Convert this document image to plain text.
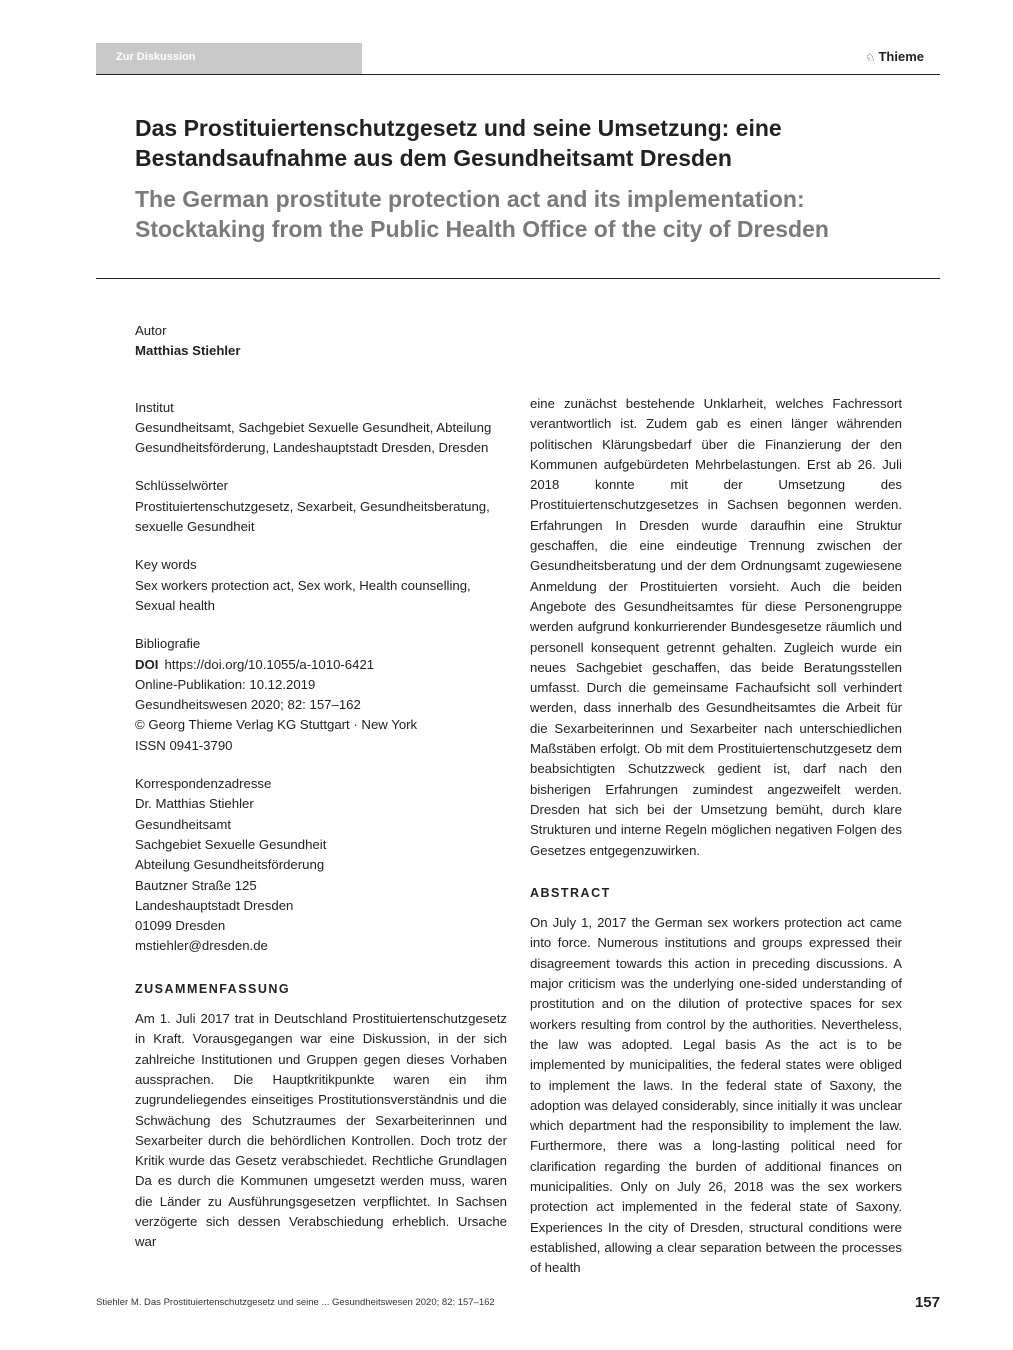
Zur Diskussion	♘ Thieme
Das Prostituiertenschutzgesetz und seine Umsetzung: eine Bestandsaufnahme aus dem Gesundheitsamt Dresden
The German prostitute protection act and its implementation: Stocktaking from the Public Health Office of the city of Dresden
Autor
Matthias Stiehler
Institut
Gesundheitsamt, Sachgebiet Sexuelle Gesundheit, Abteilung Gesundheitsförderung, Landeshauptstadt Dresden, Dresden
Schlüsselwörter
Prostituiertenschutzgesetz, Sexarbeit, Gesundheitsberatung, sexuelle Gesundheit
Key words
Sex workers protection act, Sex work, Health counselling, Sexual health
Bibliografie
DOI https://doi.org/10.1055/a-1010-6421
Online-Publikation: 10.12.2019
Gesundheitswesen 2020; 82: 157–162
© Georg Thieme Verlag KG Stuttgart · New York
ISSN 0941-3790
Korrespondenzadresse
Dr. Matthias Stiehler
Gesundheitsamt
Sachgebiet Sexuelle Gesundheit
Abteilung Gesundheitsförderung
Bautzner Straße 125
Landeshauptstadt Dresden
01099 Dresden
mstiehler@dresden.de
ZUSAMMENFASSUNG

Am 1. Juli 2017 trat in Deutschland Prostituiertenschutzgesetz in Kraft. Vorausgegangen war eine Diskussion, in der sich zahlreiche Institutionen und Gruppen gegen dieses Vorhaben aussprachen. Die Hauptkritikpunkte waren ein ihm zugrundeliegendes einseitiges Prostitutionsverständnis und die Schwächung des Schutzraumes der Sexarbeiterinnen und Sexarbeiter durch die behördlichen Kontrollen. Doch trotz der Kritik wurde das Gesetz verabschiedet. Rechtliche Grundlagen Da es durch die Kommunen umgesetzt werden muss, waren die Länder zu Ausführungsgesetzen verpflichtet. In Sachsen verzögerte sich dessen Verabschiedung erheblich. Ursache war

eine zunächst bestehende Unklarheit, welches Fachressort verantwortlich ist. Zudem gab es einen länger währenden politischen Klärungsbedarf über die Finanzierung der den Kommunen aufgebürdeten Mehrbelastungen. Erst ab 26. Juli 2018 konnte mit der Umsetzung des Prostituiertenschutzgesetzes in Sachsen begonnen werden. Erfahrungen In Dresden wurde daraufhin eine Struktur geschaffen, die eine eindeutige Trennung zwischen der Gesundheitsberatung und der dem Ordnungsamt zugewiesene Anmeldung der Prostituierten vorsieht. Auch die beiden Angebote des Gesundheitsamtes für diese Personengruppe werden aufgrund konkurrierender Bundesgesetze räumlich und personell konsequent getrennt gehalten. Zugleich wurde ein neues Sachgebiet geschaffen, das beide Beratungsstellen umfasst. Durch die gemeinsame Fachaufsicht soll verhindert werden, dass innerhalb des Gesundheitsamtes die Arbeit für die Sexarbeiterinnen und Sexarbeiter nach unterschiedlichen Maßstäben erfolgt. Ob mit dem Prostituiertenschutzgesetz dem beabsichtigten Schutzzweck gedient ist, darf nach den bisherigen Erfahrungen zumindest angezweifelt werden. Dresden hat sich bei der Umsetzung bemüht, durch klare Strukturen und interne Regeln möglichen negativen Folgen des Gesetzes entgegenzuwirken.

ABSTRACT

On July 1, 2017 the German sex workers protection act came into force. Numerous institutions and groups expressed their disagreement towards this action in preceding discussions. A major criticism was the underlying one-sided understanding of prostitution and on the dilution of protective spaces for sex workers resulting from control by the authorities. Nevertheless, the law was adopted. Legal basis As the act is to be implemented by municipalities, the federal states were obliged to implement the laws. In the federal state of Saxony, the adoption was delayed considerably, since initially it was unclear which department had the responsibility to implement the law. Furthermore, there was a long-lasting political need for clarification regarding the burden of additional finances on municipalities. Only on July 26, 2018 was the sex workers protection act implemented in the federal state of Saxony. Experiences In the city of Dresden, structural conditions were established, allowing a clear separation between the processes of health

Stiehler M. Das Prostituiertenschutzgesetz und seine ... Gesundheitswesen 2020; 82: 157–162	157
